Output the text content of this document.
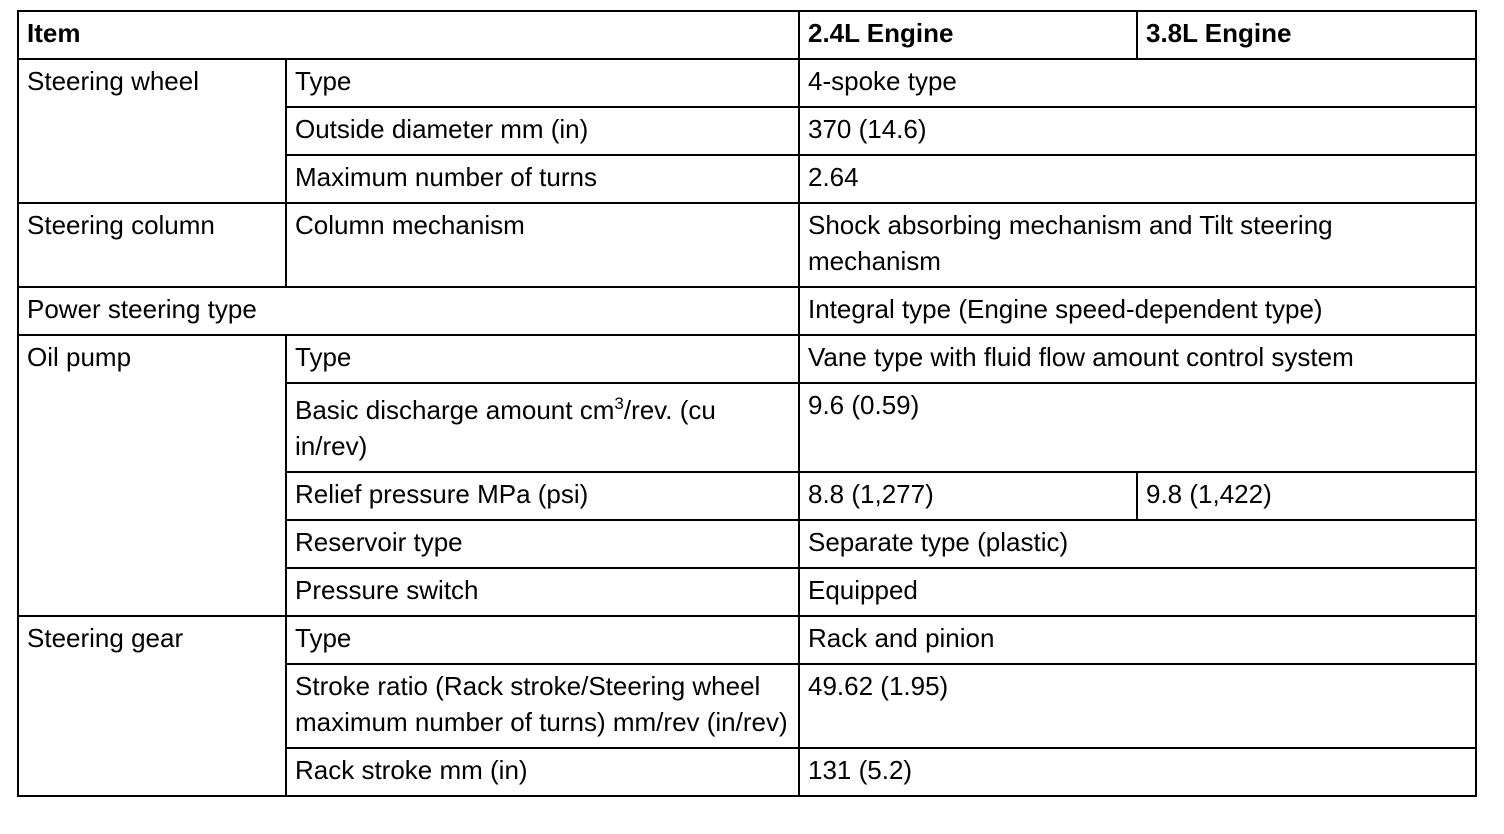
Item		2.4L Engine	3.8L Engine
Steering wheel	Type	4-spoke type	
	Outside diameter mm (in)	370 (14.6)	
	Maximum number of turns	2.64	
Steering column	Column mechanism	Shock absorbing mechanism and Tilt steering mechanism	
Power steering type		Integral type (Engine speed-dependent type)	
Oil pump	Type	Vane type with fluid flow amount control system	
	Basic discharge amount $cm^3$/rev. (cu in/rev)	9.6 (0.59)	
	Relief pressure MPa (psi)	8.8 (1,277)	9.8 (1,422)
	Reservoir type	Separate type (plastic)	
	Pressure switch	Equipped	
Steering gear	Type	Rack and pinion	
	Stroke ratio (Rack stroke/Steering wheel maximum number of turns) mm/rev (in/rev)	49.62 (1.95)	
	Rack stroke mm (in)	131 (5.2)	
